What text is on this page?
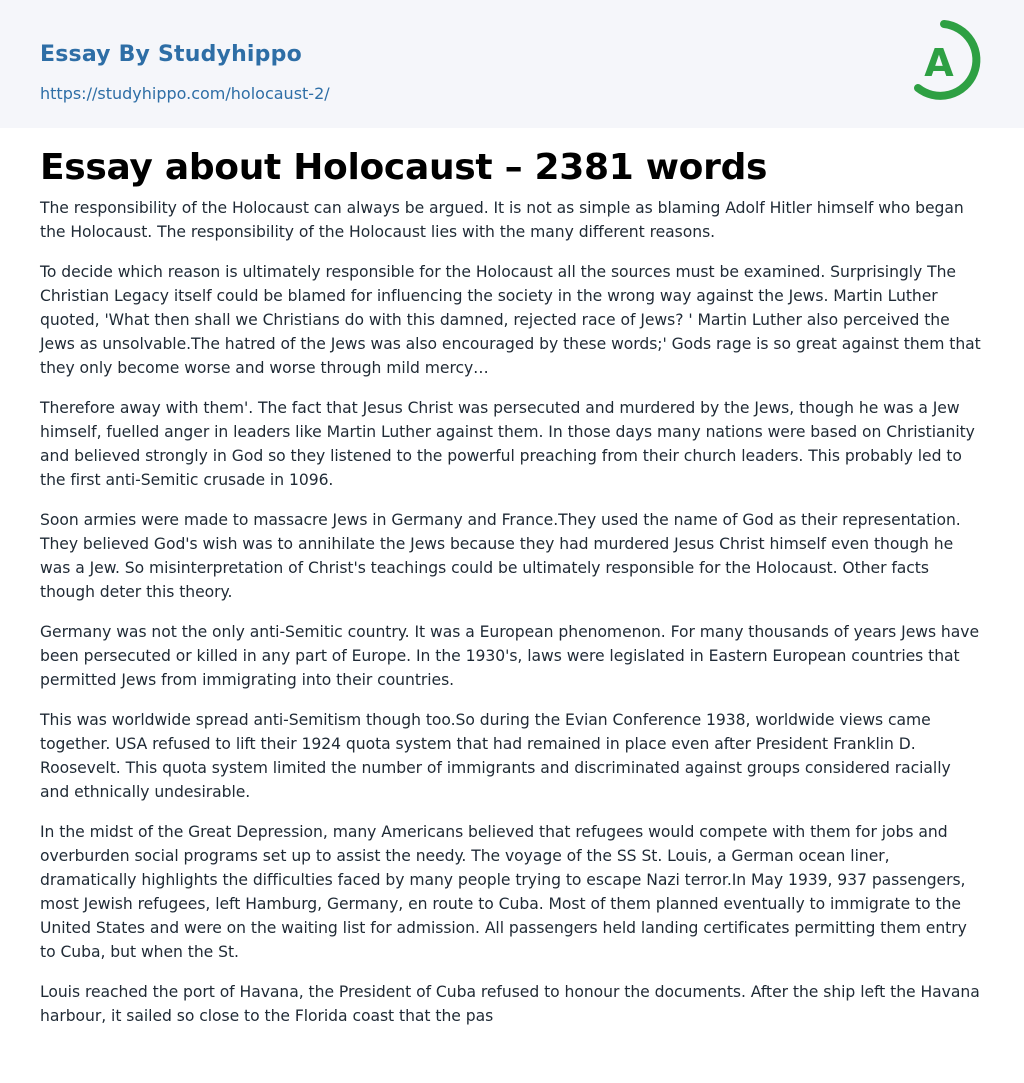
Essay By Studyhippo
https://studyhippo.com/holocaust-2/
A
Essay about Holocaust – 2381 words

The responsibility of the Holocaust can always be argued. It is not as simple as blaming Adolf Hitler himself who began the Holocaust. The responsibility of the Holocaust lies with the many different reasons.

To decide which reason is ultimately responsible for the Holocaust all the sources must be examined. Surprisingly The Christian Legacy itself could be blamed for influencing the society in the wrong way against the Jews. Martin Luther quoted, 'What then shall we Christians do with this damned, rejected race of Jews? ' Martin Luther also perceived the Jews as unsolvable.The hatred of the Jews was also encouraged by these words;' Gods rage is so great against them that they only become worse and worse through mild mercy…

Therefore away with them'. The fact that Jesus Christ was persecuted and murdered by the Jews, though he was a Jew himself, fuelled anger in leaders like Martin Luther against them. In those days many nations were based on Christianity and believed strongly in God so they listened to the powerful preaching from their church leaders. This probably led to the first anti-Semitic crusade in 1096.

Soon armies were made to massacre Jews in Germany and France.They used the name of God as their representation. They believed God's wish was to annihilate the Jews because they had murdered Jesus Christ himself even though he was a Jew. So misinterpretation of Christ's teachings could be ultimately responsible for the Holocaust. Other facts though deter this theory.

Germany was not the only anti-Semitic country. It was a European phenomenon. For many thousands of years Jews have been persecuted or killed in any part of Europe. In the 1930's, laws were legislated in Eastern European countries that permitted Jews from immigrating into their countries.

This was worldwide spread anti-Semitism though too.So during the Evian Conference 1938, worldwide views came together. USA refused to lift their 1924 quota system that had remained in place even after President Franklin D. Roosevelt. This quota system limited the number of immigrants and discriminated against groups considered racially and ethnically undesirable.

In the midst of the Great Depression, many Americans believed that refugees would compete with them for jobs and overburden social programs set up to assist the needy. The voyage of the SS St. Louis, a German ocean liner, dramatically highlights the difficulties faced by many people trying to escape Nazi terror.In May 1939, 937 passengers, most Jewish refugees, left Hamburg, Germany, en route to Cuba. Most of them planned eventually to immigrate to the United States and were on the waiting list for admission. All passengers held landing certificates permitting them entry to Cuba, but when the St.

Louis reached the port of Havana, the President of Cuba refused to honour the documents. After the ship left the Havana harbour, it sailed so close to the Florida coast that the pas
